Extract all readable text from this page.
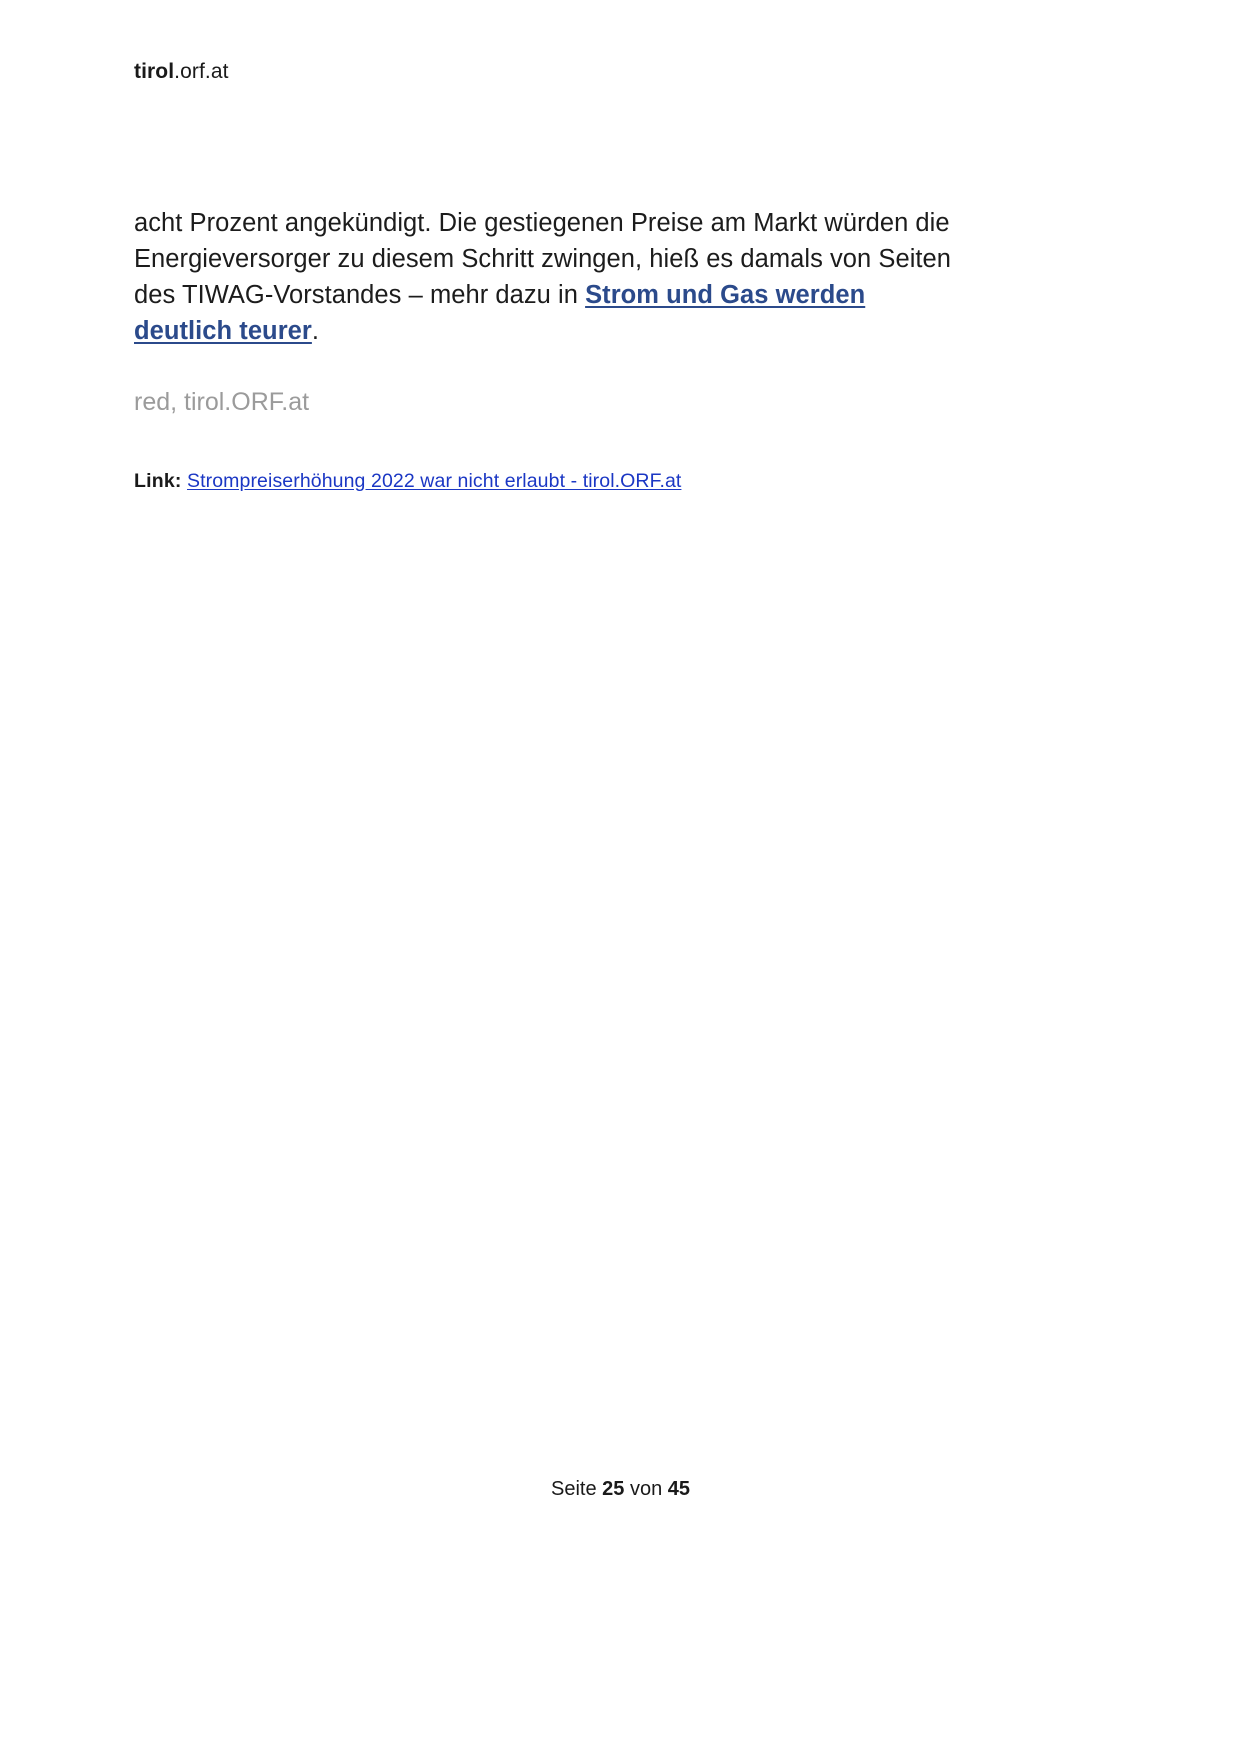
tirol.orf.at

acht Prozent angekündigt. Die gestiegenen Preise am Markt würden die Energieversorger zu diesem Schritt zwingen, hieß es damals von Seiten des TIWAG-Vorstandes – mehr dazu in Strom und Gas werden deutlich teurer.

red, tirol.ORF.at

Link: Strompreiserhöhung 2022 war nicht erlaubt - tirol.ORF.at

Seite 25 von 45
